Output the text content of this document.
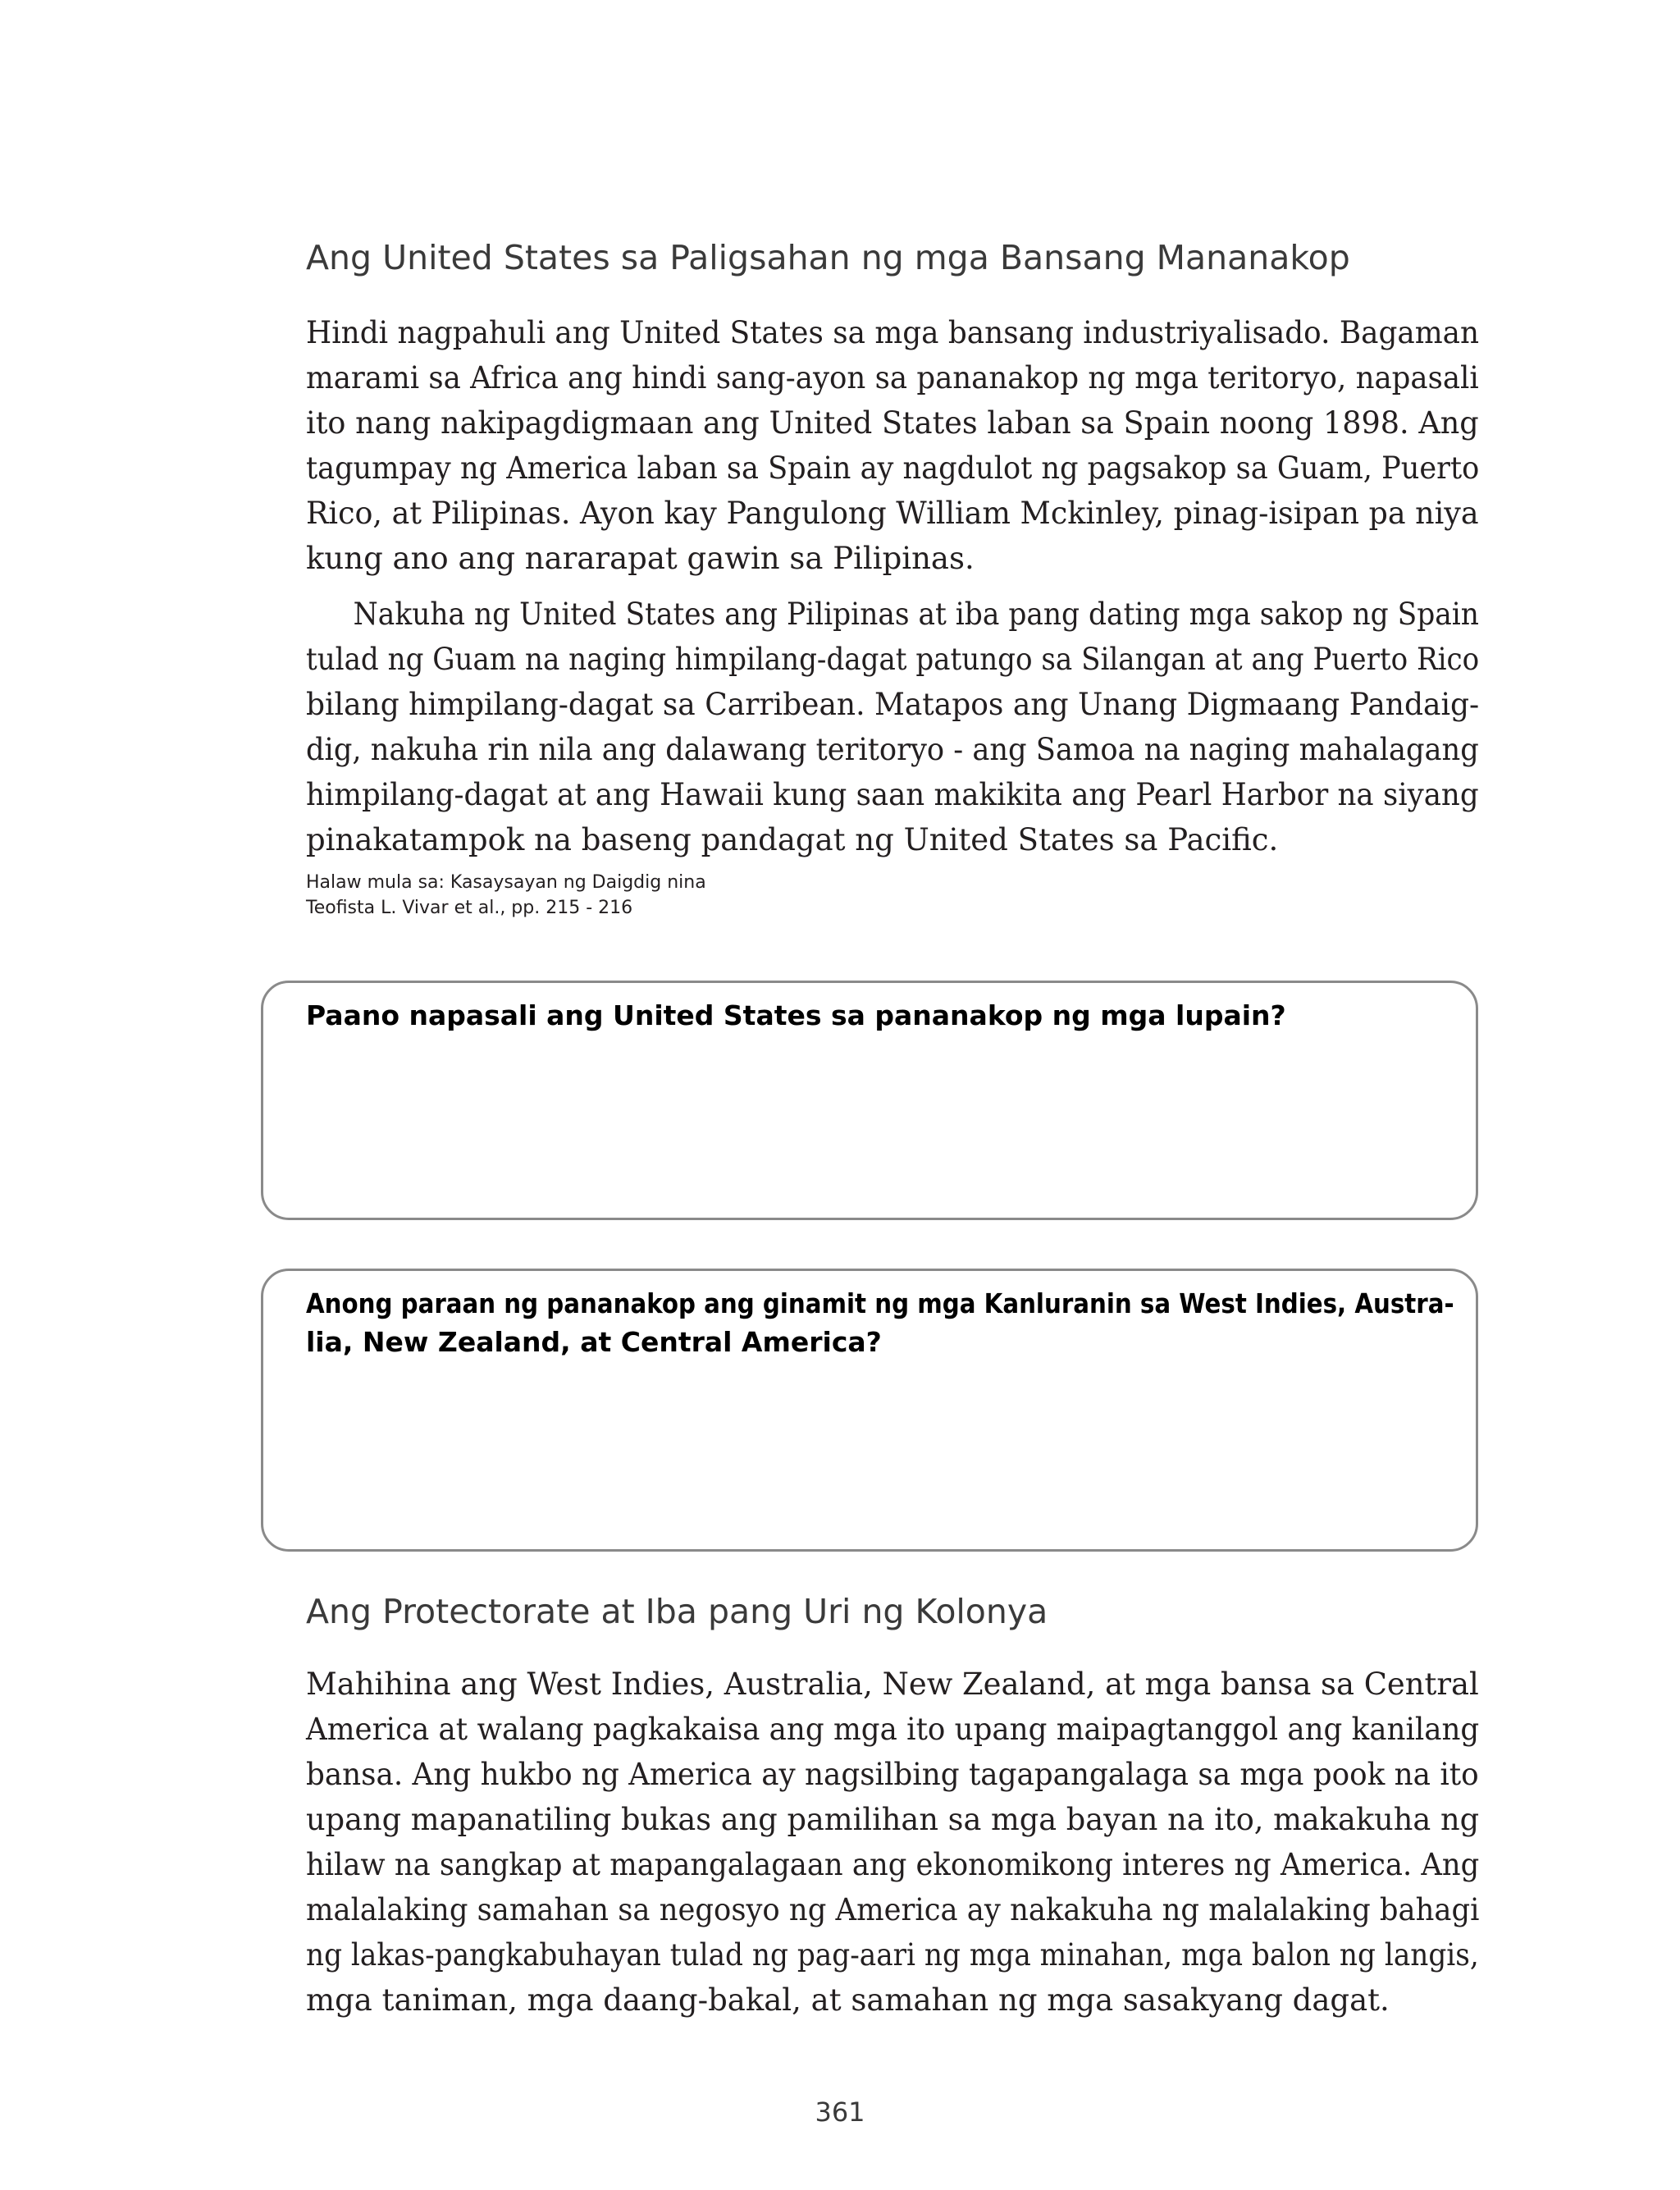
Ang United States sa Paligsahan ng mga Bansang Mananakop
Hindi nagpahuli ang United States sa mga bansang industriyalisado. Bagaman
marami sa Africa ang hindi sang-ayon sa pananakop ng mga teritoryo, napasali
ito nang nakipagdigmaan ang United States laban sa Spain noong 1898. Ang
tagumpay ng America laban sa Spain ay nagdulot ng pagsakop sa Guam, Puerto
Rico, at Pilipinas. Ayon kay Pangulong William Mckinley, pinag-isipan pa niya
kung ano ang nararapat gawin sa Pilipinas.
Nakuha ng United States ang Pilipinas at iba pang dating mga sakop ng Spain
tulad ng Guam na naging himpilang-dagat patungo sa Silangan at ang Puerto Rico
bilang himpilang-dagat sa Carribean. Matapos ang Unang Digmaang Pandaig-
dig, nakuha rin nila ang dalawang teritoryo - ang Samoa na naging mahalagang
himpilang-dagat at ang Hawaii kung saan makikita ang Pearl Harbor na siyang
pinakatampok na baseng pandagat ng United States sa Pacific.
Halaw mula sa: Kasaysayan ng Daigdig nina
Teofista L. Vivar et al., pp. 215 - 216
Paano napasali ang United States sa pananakop ng mga lupain?
Anong paraan ng pananakop ang ginamit ng mga Kanluranin sa West Indies, Austra-
lia, New Zealand, at Central America?
Ang Protectorate at Iba pang Uri ng Kolonya
Mahihina ang West Indies, Australia, New Zealand, at mga bansa sa Central
America at walang pagkakaisa ang mga ito upang maipagtanggol ang kanilang
bansa. Ang hukbo ng America ay nagsilbing tagapangalaga sa mga pook na ito
upang mapanatiling bukas ang pamilihan sa mga bayan na ito, makakuha ng
hilaw na sangkap at mapangalagaan ang ekonomikong interes ng America. Ang
malalaking samahan sa negosyo ng America ay nakakuha ng malalaking bahagi
ng lakas-pangkabuhayan tulad ng pag-aari ng mga minahan, mga balon ng langis,
mga taniman, mga daang-bakal, at samahan ng mga sasakyang dagat.
361
